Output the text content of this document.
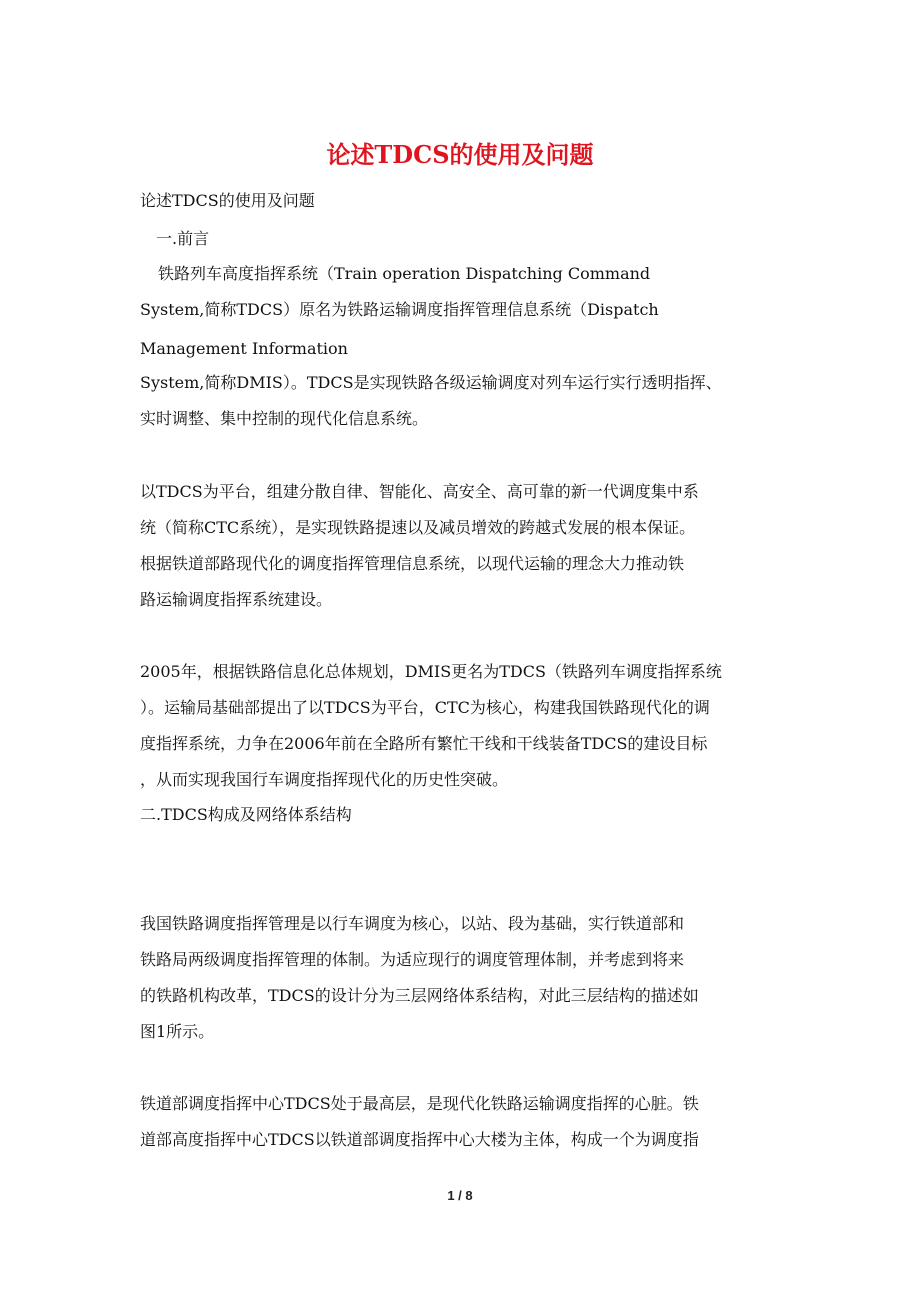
论述TDCS的使用及问题
论述TDCS的使用及问题
一.前言
铁路列车高度指挥系统（Train operation Dispatching Command
System,简称TDCS）原名为铁路运输调度指挥管理信息系统（Dispatch
Management Information
System,简称DMIS）。TDCS是实现铁路各级运输调度对列车运行实行透明指挥、
实时调整、集中控制的现代化信息系统。
以TDCS为平台，组建分散自律、智能化、高安全、高可靠的新一代调度集中系
统（简称CTC系统），是实现铁路提速以及减员增效的跨越式发展的根本保证。
根据铁道部路现代化的调度指挥管理信息系统，以现代运输的理念大力推动铁
路运输调度指挥系统建设。
2005年，根据铁路信息化总体规划，DMIS更名为TDCS（铁路列车调度指挥系统
）。运输局基础部提出了以TDCS为平台，CTC为核心，构建我国铁路现代化的调
度指挥系统，力争在2006年前在全路所有繁忙干线和干线装备TDCS的建设目标
，从而实现我国行车调度指挥现代化的历史性突破。
二.TDCS构成及网络体系结构
我国铁路调度指挥管理是以行车调度为核心，以站、段为基础，实行铁道部和
铁路局两级调度指挥管理的体制。为适应现行的调度管理体制，并考虑到将来
的铁路机构改革，TDCS的设计分为三层网络体系结构，对此三层结构的描述如
图1所示。
铁道部调度指挥中心TDCS处于最高层，是现代化铁路运输调度指挥的心脏。铁
道部高度指挥中心TDCS以铁道部调度指挥中心大楼为主体，构成一个为调度指
1 / 8
